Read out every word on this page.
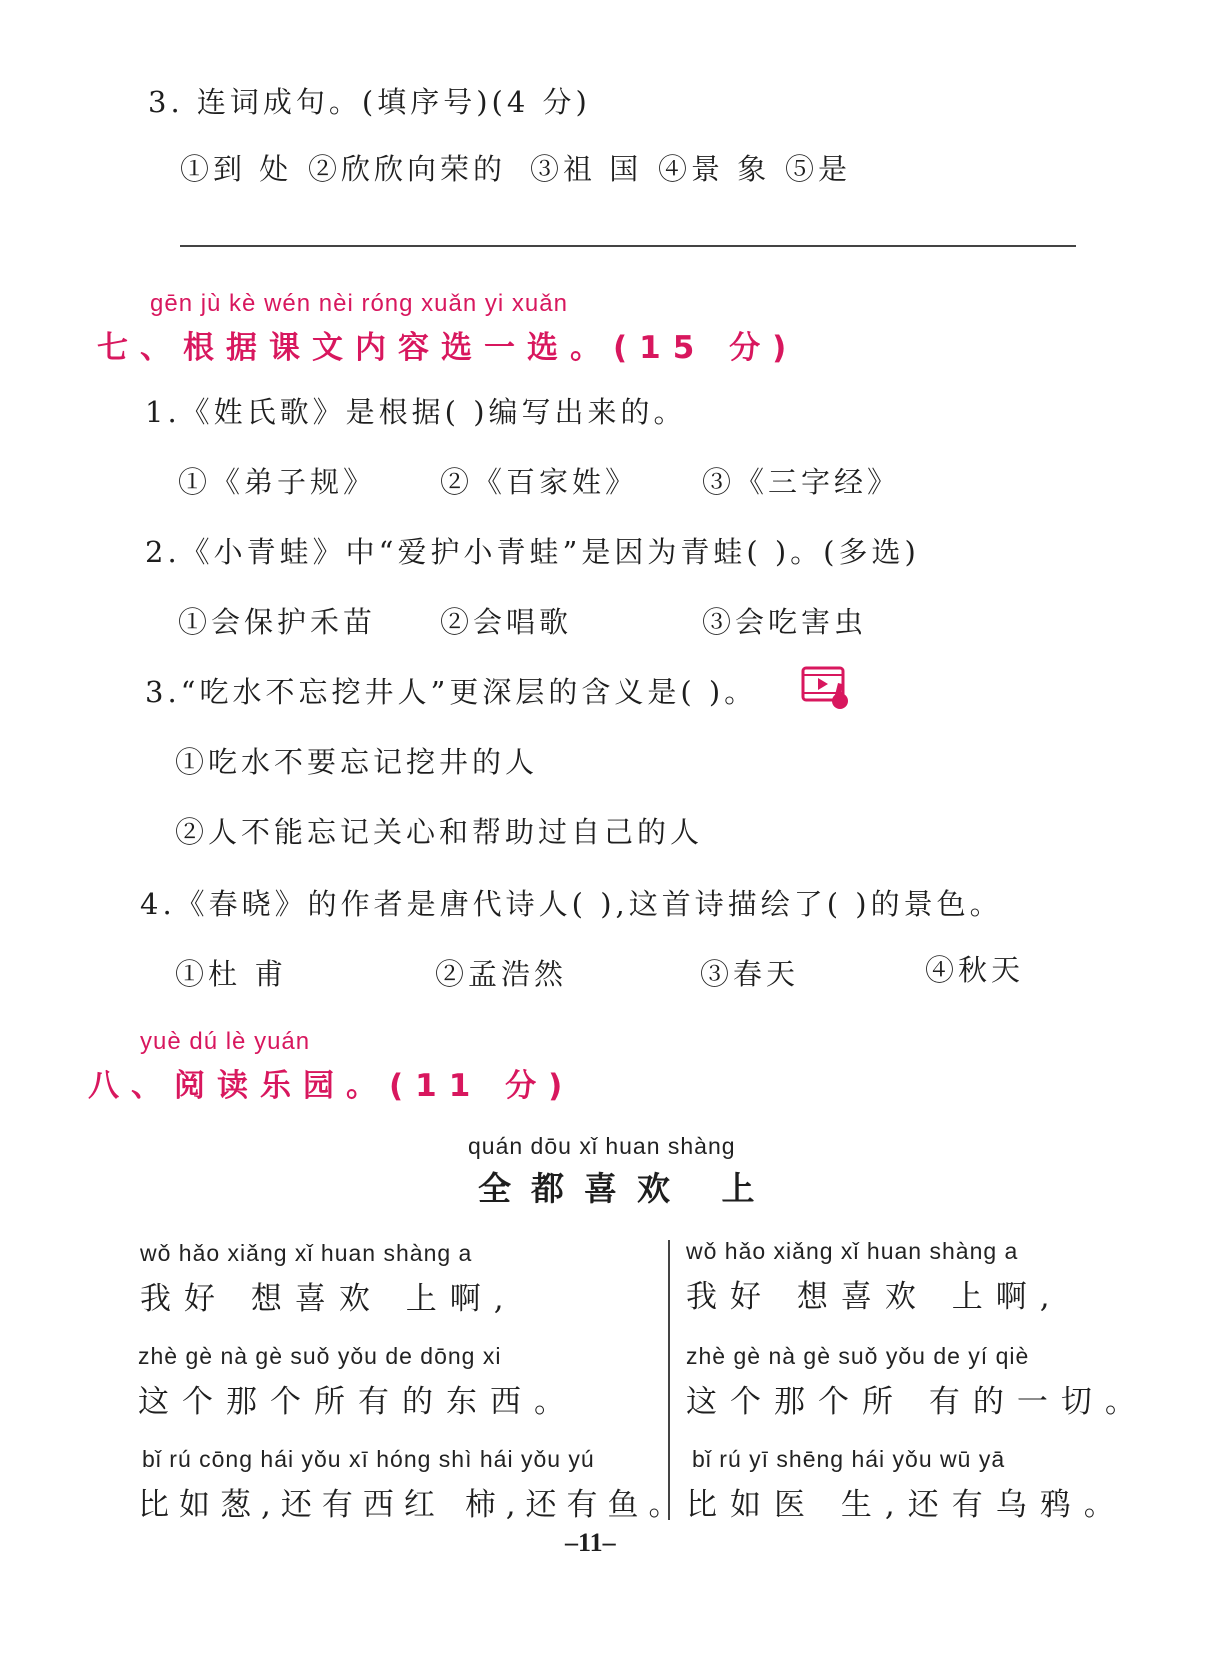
3. 连词成句。(填序号)(4 分)
①到 处 ②欣欣向荣的 ③祖 国 ④景 象 ⑤是
gēn jù kè wén nèi róng xuǎn yi xuǎn
七、根据课文内容选一选。(15 分)
1.《姓氏歌》是根据( )编写出来的。
①《弟子规》 ②《百家姓》 ③《三字经》
2.《小青蛙》中“爱护小青蛙”是因为青蛙( )。(多选)
①会保护禾苗 ②会唱歌	③会吃害虫
3.“吃水不忘挖井人”更深层的含义是( )。
①吃水不要忘记挖井的人
②人不能忘记关心和帮助过自己的人
4.《春晓》的作者是唐代诗人( ),这首诗描绘了( )的景色。
①杜 甫	②孟浩然	③春天	④秋天
yuè dú lè yuán
八、阅读乐园。(11 分)
quán dōu xǐ huan shàng
全都喜欢 上
wǒ hǎo xiǎng xǐ huan shàng a
我好 想喜欢 上啊,
zhè gè nà gè suǒ yǒu de dōng xi
这个那个所有的东西。
bǐ rú cōng hái yǒu xī hóng shì hái yǒu yú
比如葱,还有西红 柿,还有鱼。
wǒ hǎo xiǎng xǐ huan shàng a
我好 想喜欢 上啊,
zhè gè nà gè suǒ yǒu de yí qiè
这个那个所 有的一切。
bǐ rú yī shēng hái yǒu wū yā
比如医 生,还有乌鸦。
–11–
